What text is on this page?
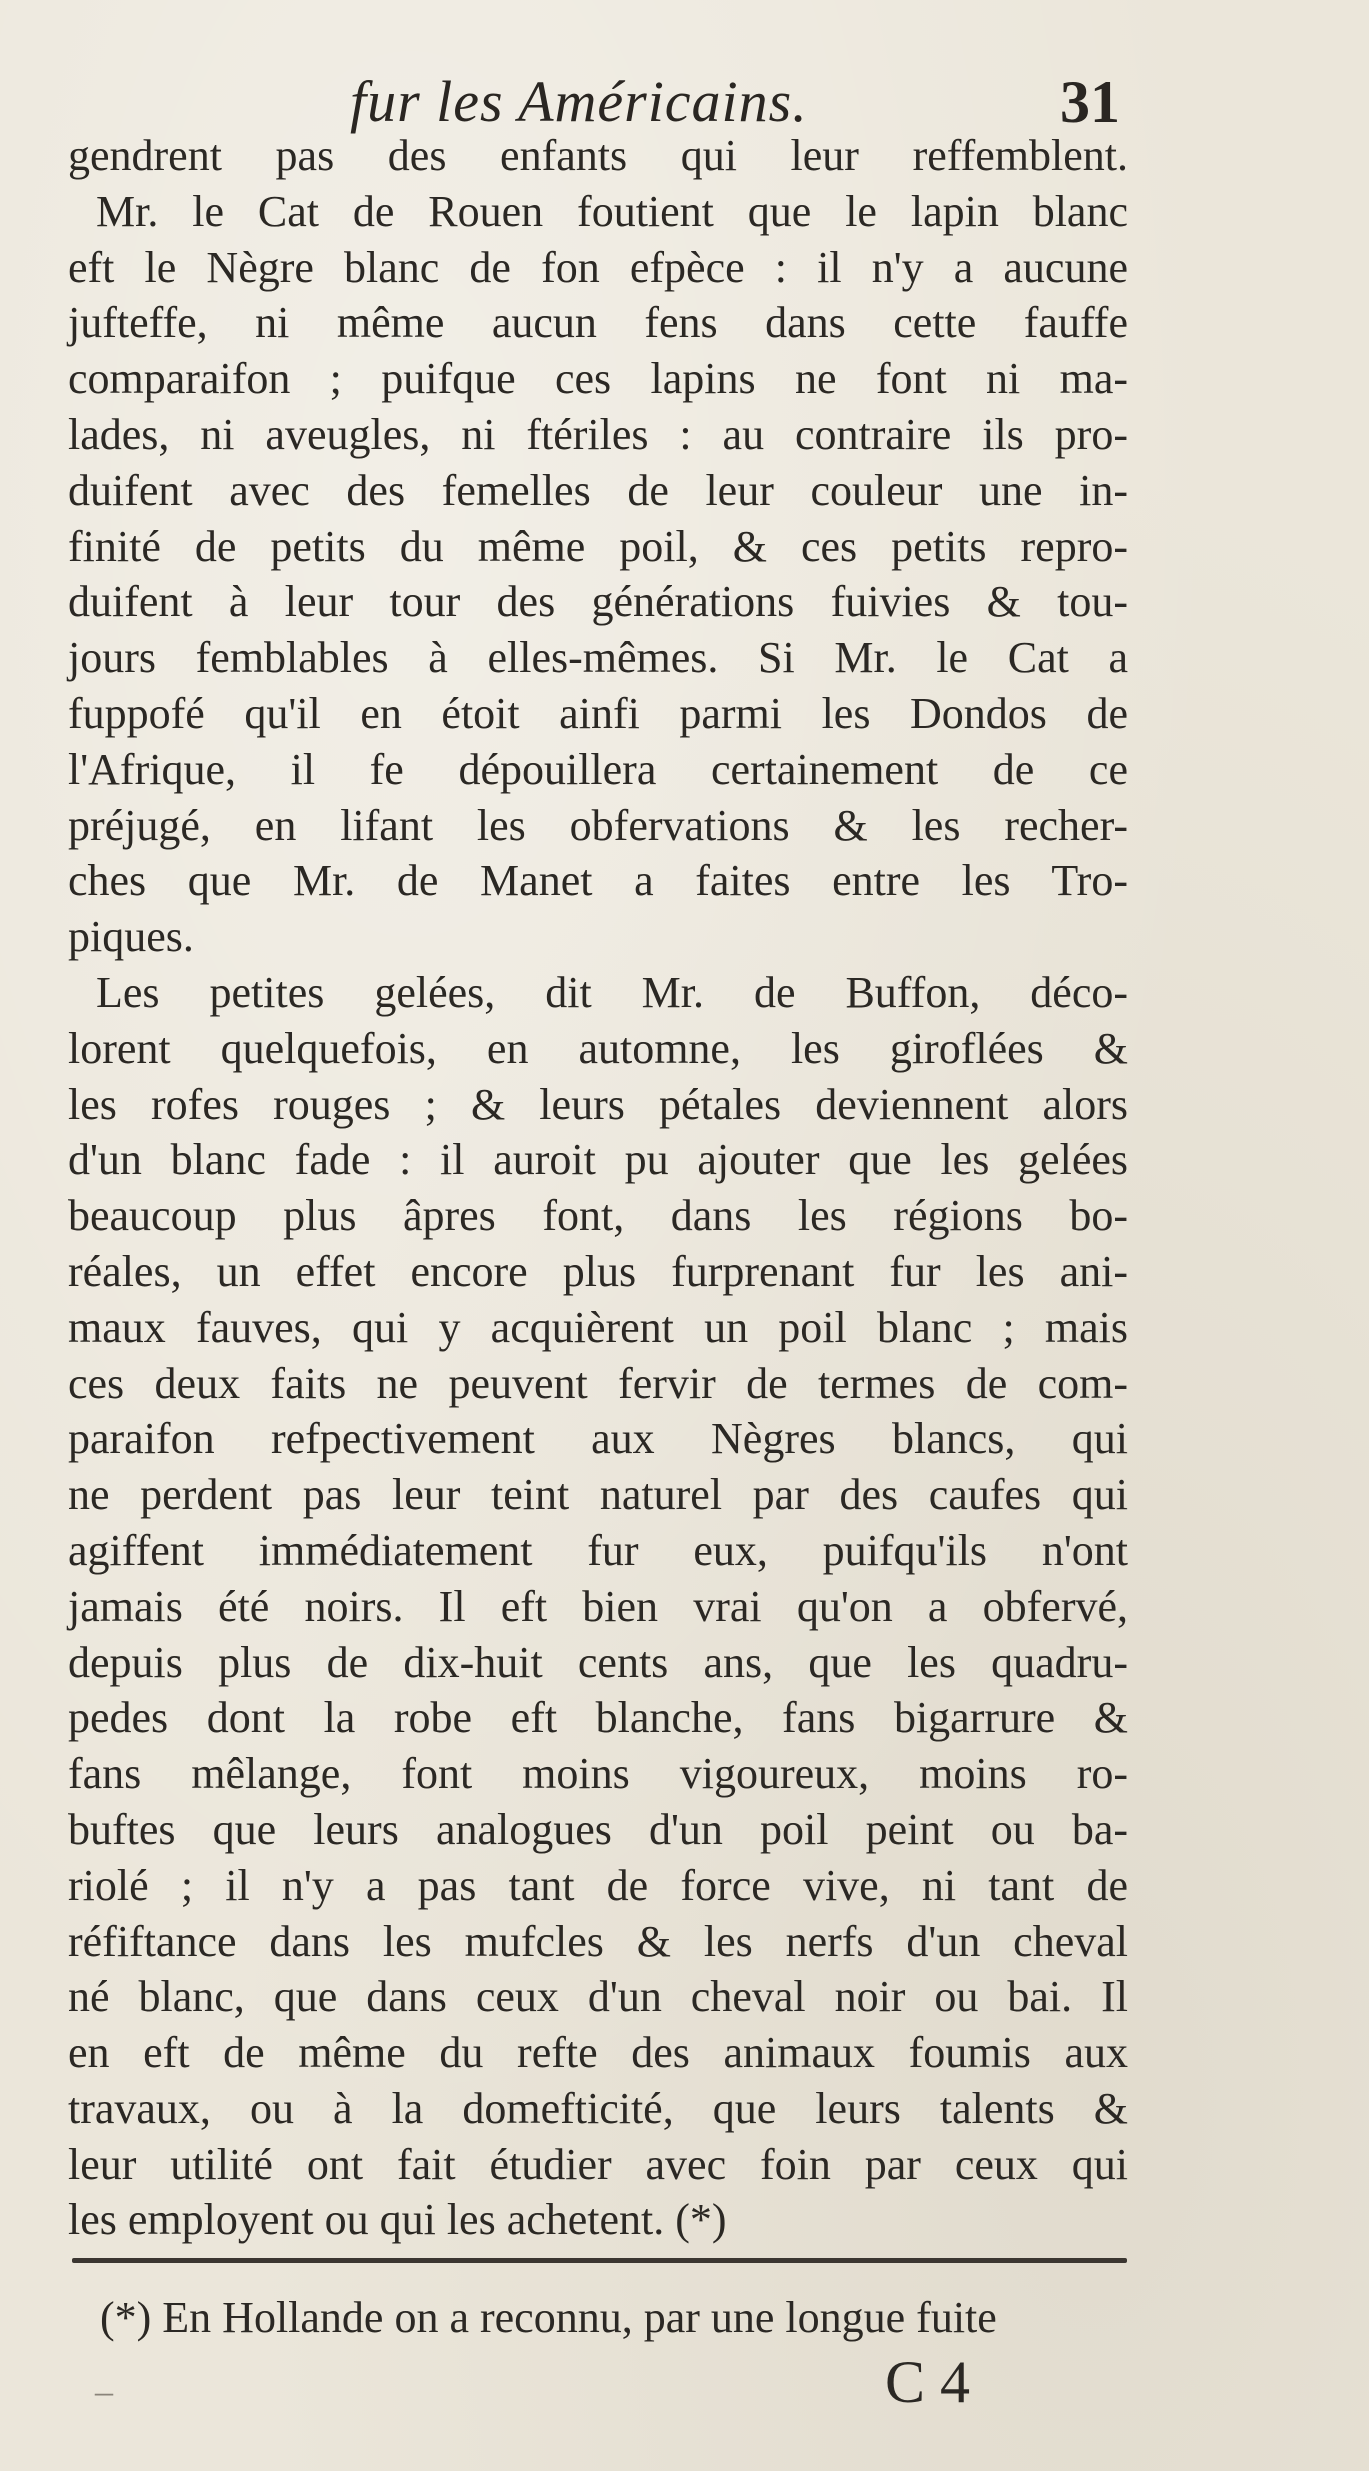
fur les Américains.	31
gendrent pas des enfants qui leur reffemblent.
Mr. le Cat de Rouen foutient que le lapin blanc
eft le Nègre blanc de fon efpèce : il n'y a aucune
jufteffe, ni même aucun fens dans cette fauffe
comparaifon ; puifque ces lapins ne font ni ma-
lades, ni aveugles, ni ftériles : au contraire ils pro-
duifent avec des femelles de leur couleur une in-
finité de petits du même poil, & ces petits repro-
duifent à leur tour des générations fuivies & tou-
jours femblables à elles-mêmes. Si Mr. le Cat a
fuppofé qu'il en étoit ainfi parmi les Dondos de
l'Afrique, il fe dépouillera certainement de ce
préjugé, en lifant les obfervations & les recher-
ches que Mr. de Manet a faites entre les Tro-
piques.
Les petites gelées, dit Mr. de Buffon, déco-
lorent quelquefois, en automne, les giroflées &
les rofes rouges ; & leurs pétales deviennent alors
d'un blanc fade : il auroit pu ajouter que les gelées
beaucoup plus âpres font, dans les régions bo-
réales, un effet encore plus furprenant fur les ani-
maux fauves, qui y acquièrent un poil blanc ; mais
ces deux faits ne peuvent fervir de termes de com-
paraifon refpectivement aux Nègres blancs, qui
ne perdent pas leur teint naturel par des caufes qui
agiffent immédiatement fur eux, puifqu'ils n'ont
jamais été noirs. Il eft bien vrai qu'on a obfervé,
depuis plus de dix-huit cents ans, que les quadru-
pedes dont la robe eft blanche, fans bigarrure &
fans mêlange, font moins vigoureux, moins ro-
buftes que leurs analogues d'un poil peint ou ba-
riolé ; il n'y a pas tant de force vive, ni tant de
réfiftance dans les mufcles & les nerfs d'un cheval
né blanc, que dans ceux d'un cheval noir ou bai. Il
en eft de même du refte des animaux foumis aux
travaux, ou à la domefticité, que leurs talents &
leur utilité ont fait étudier avec foin par ceux qui
les employent ou qui les achetent. (*)
(*) En Hollande on a reconnu, par une longue fuite
–	C 4
